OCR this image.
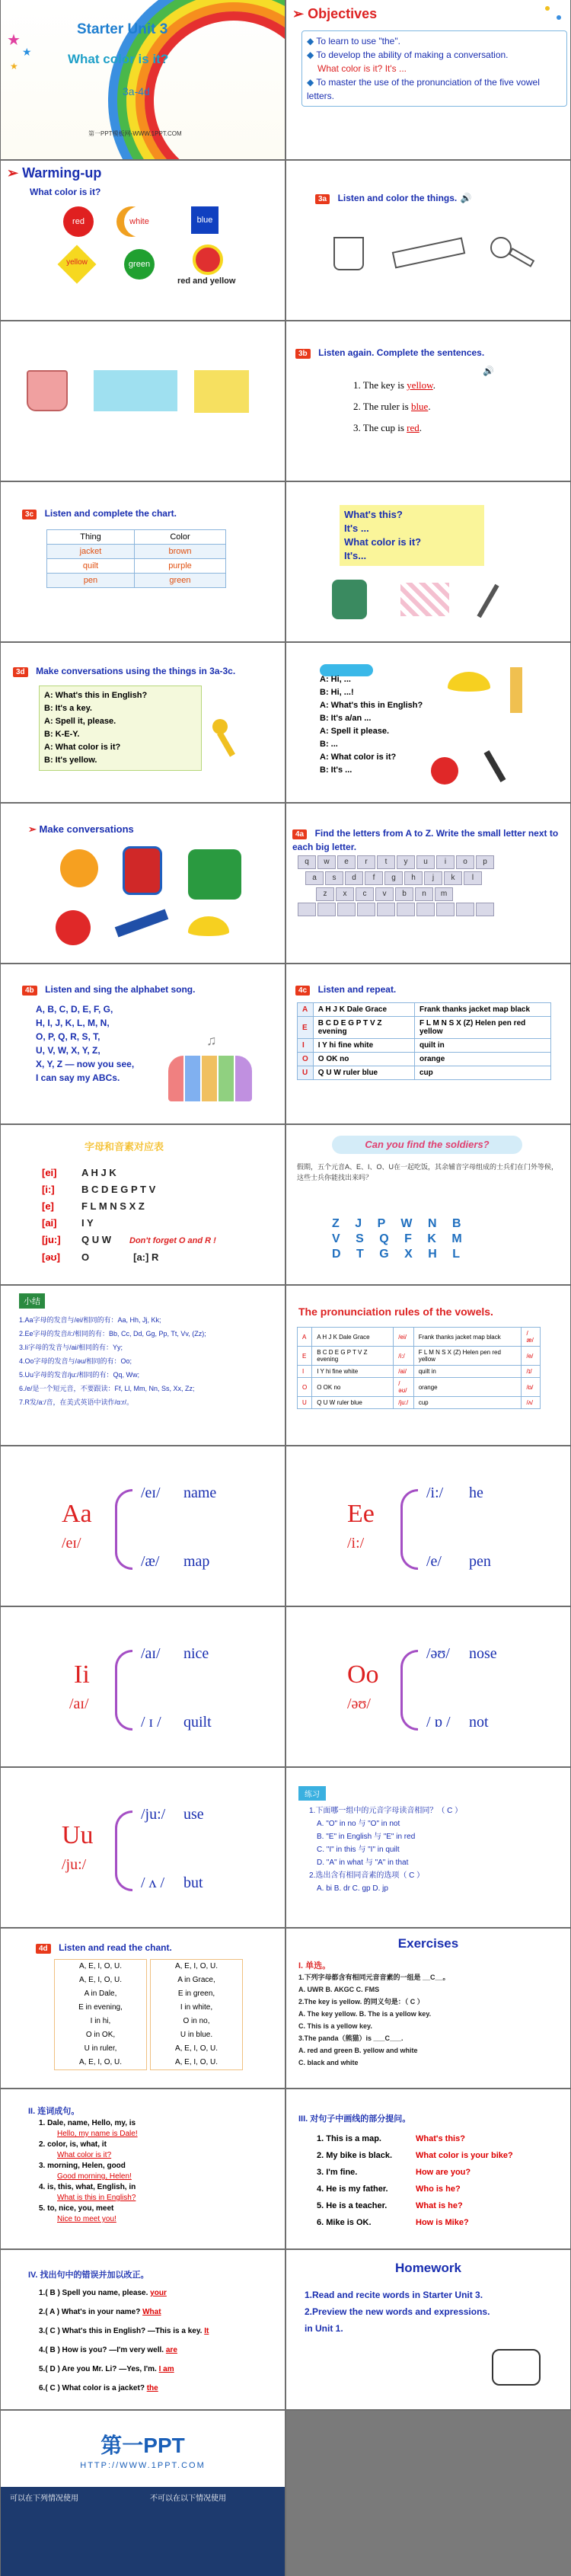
Starter Unit 3
What color is it?
3a-4d
第一PPT模板网-WWW.1PPT.COM
★
★
★
➢ Objectives
◆ To learn to use "the".
◆ To develop the ability of making a conversation.
What color is it? It's ...
◆ To master the use of the pronunciation of the five vowel letters.
➢ Warming-up
What color is it?
red	white	blue
yellow	green
red and yellow
3a Listen and color the things. 🔊
3b Listen again. Complete the sentences.
🔊
1. The key is yellow.
2. The ruler is blue.
3. The cup is red.
3c Listen and complete the chart.
Thing	Color
jacket	brown
quilt	purple
pen	green
What's this?
It's ...
What color is it?
It's...
3d Make conversations using the things in 3a-3c.
A: What's this in English?
B: It's a key.
A: Spell it, please.
B: K-E-Y.
A: What color is it?
B: It's yellow.
A: Hi, ...
B: Hi, ...!
A: What's this in English?
B: It's a/an ...
A: Spell it please.
B: ...
A: What color is it?
B: It's ...
➢ Make conversations	4a Find the letters from A to Z. Write the small letter next to each big letter.
q w e r t y u i o p
a s d f g h j k l
z x c v b n m
4b Listen and sing the alphabet song.
A, B, C, D, E, F, G,
H, I, J, K, L, M, N,
O, P, Q, R, S, T,
U, V, W, X, Y, Z,
X, Y, Z — now you see,
I can say my ABCs.
♫
4c Listen and repeat.
A	A H J K Dale Grace	Frank thanks jacket map black
E	B C D E G P T V Z evening	F L M N S X (Z) Helen pen red yellow
I	I Y hi fine white	quilt in
O	O OK no	orange
U	Q U W ruler blue	cup
字母和音素对应表
[ei]	A H J K
[i:]	B C D E G P T V
[e]	F L M N S X Z
[ai]	I Y
[ju:] Q U W Don't forget O and R !
[əʊ] O	[a:] R
Can you find the soldiers?
假期，五个元音A、E、I、O、U在一起吃饭，其余辅音字母组成的士兵们在门外等候，这些士兵你能找出来吗？
Z J P W N B
V S Q F K M
D T G X H L
小结
1.Aa字母的发音与/ei/相同的有：Aa, Hh, Jj, Kk;
2.Ee字母的发音/i:/相同的有：Bb, Cc, Dd, Gg, Pp, Tt, Vv, (Zz);
3.Ii字母的发音与/ai/相同的有：Yy;
4.Oo字母的发音与/əu/相同的有：Oo;
5.Uu字母的发音/ju:/相同的有：Qq, Ww;
6./e/是一个短元音，不要跟读：Ff, Ll, Mm, Nn, Ss, Xx, Zz;
7.R发/a:/音，在美式英语中读作/ɑ:r/。
The pronunciation rules of the vowels.
A	A H J K Dale Grace	/ei/	Frank thanks jacket map black	/æ/
E	B C D E G P T V Z evening	/i:/	F L M N S X (Z) Helen pen red yellow	/e/
I	I Y hi fine white	/ai/	quilt in	/ɪ/
O	O OK no	/əʊ/	orange	/ɒ/
U	Q U W ruler blue	/ju:/	cup	/ʌ/
Aa
/eɪ/
/eɪ/ name
/æ/ map
Ee
/i:/
/i:/ he
/e/ pen
Ii
/aɪ/
/aɪ/ nice
/ ɪ / quilt
Oo
/əʊ/
/əʊ/ nose
/ ɒ / not
Uu
/ju:/
/ju:/ use
/ ʌ / but
练习
1.下面哪一组中的元音字母读音相同？（ C ）
A. "O" in no 与 "O" in not
B. "E" in English 与 "E" in red
C. "I" in this 与 "I" in quilt
D. "A" in what 与 "A" in that
2.选出含有相同音素的选项（ C ）
A. bi B. dr C. gp D. jp
4d Listen and read the chant.
A, E, I, O, U.
A, E, I, O, U.
A in Dale,
E in evening,
I in hi,
O in OK,
U in ruler,
A, E, I, O, U.
A, E, I, O, U.
A in Grace,
E in green,
I in white,
O in no,
U in blue.
A, E, I, O, U.
A, E, I, O, U.
Exercises
I. 单选。
1.下列字母都含有相同元音音素的一组是 __C__。
A. UWR B. AKGC C. FMS
2.The key is yellow. 的同义句是：（ C ）
A. The key yellow. B. The is a yellow key.
C. This is a yellow key.
3.The panda（熊猫）is ___C___.
A. red and green B. yellow and white
C. black and white
II. 连词成句。
1. Dale, name, Hello, my, is
Hello, my name is Dale!
2. color, is, what, it
What color is it?
3. morning, Helen, good
Good morning, Helen!
4. is, this, what, English, in
What is this in English?
5. to, nice, you, meet
Nice to meet you!
III. 对句子中画线的部分提问。
1. This is a map.	What's this?
2. My bike is black.	What color is your bike?
3. I'm fine.	How are you?
4. He is my father.	Who is he?
5. He is a teacher.	What is he?
6. Mike is OK.	How is Mike?
IV. 找出句中的错误并加以改正。
1.( B ) Spell you name, please. your
2.( A ) What's in your name? What
3.( C ) What's this in English? —This is a key. It
4.( B ) How is you? —I'm very well. are
5.( D ) Are you Mr. Li? —Yes, I'm. I am
6.( C ) What color is a jacket? the
Homework
1.Read and recite words in Starter Unit 3.
2.Preview the new words and expressions.
in Unit 1.
第一PPT
HTTP://WWW.1PPT.COM
可以在下列情况使用	不可以在以下情况使用
